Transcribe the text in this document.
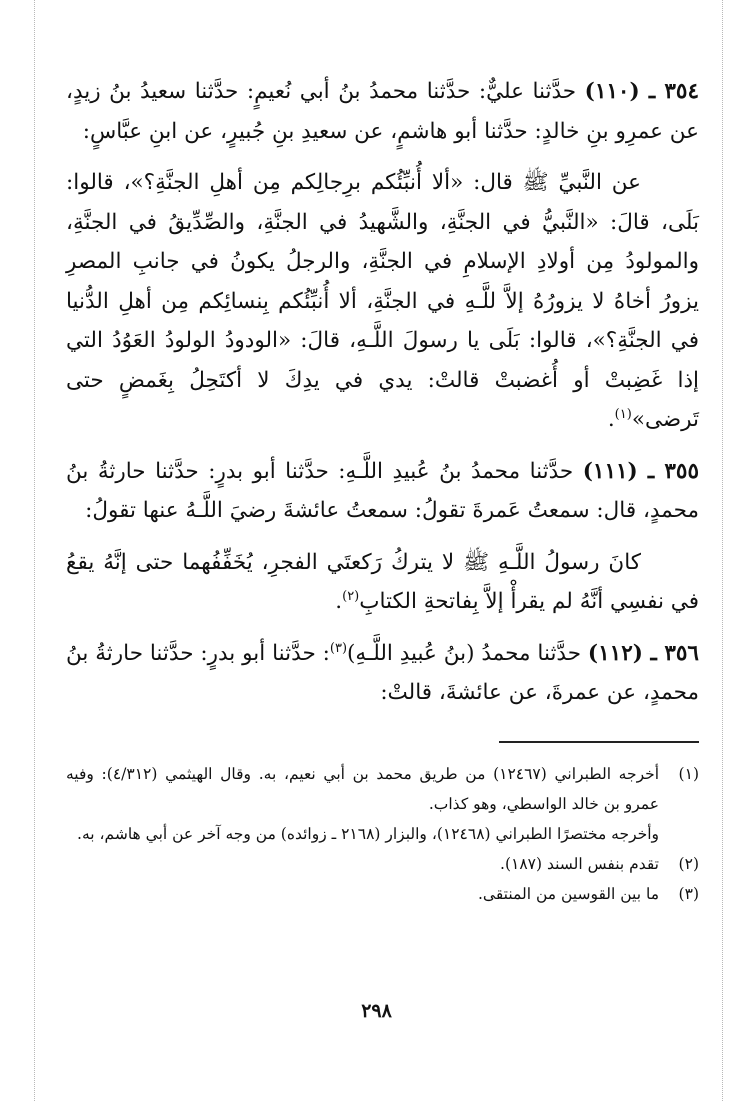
٣٥٤ ـ (١١٠) حدَّثنا عليٌّ: حدَّثنا محمدُ بنُ أبي نُعيمٍ: حدَّثنا سعيدُ بنُ زيدٍ، عن عمرِو بنِ خالدٍ: حدَّثنا أبو هاشمٍ، عن سعيدِ بنِ جُبيرٍ، عن ابنِ عبَّاسٍ:

عن النَّبيِّ ﷺ قال: «ألا أُنبِّئُكم برِجالِكم مِن أهلِ الجنَّةِ؟»، قالوا: بَلَى، قالَ: «النَّبيُّ في الجنَّةِ، والشَّهيدُ في الجنَّةِ، والصِّدِّيقُ في الجنَّةِ، والمولودُ مِن أولادِ الإسلامِ في الجنَّةِ، والرجلُ يكونُ في جانبِ المصرِ يزورُ أخاهُ لا يزورُهُ إلاَّ للَّـهِ في الجنَّةِ، ألا أُنبِّئُكم بِنسائِكم مِن أهلِ الدُّنيا في الجنَّةِ؟»، قالوا: بَلَى يا رسولَ اللَّـهِ، قالَ: «الودودُ الولودُ العَوُدُ التي إذا غَضِبتْ أو أُغضبتْ قالتْ: يدي في يدِكَ لا أكتَحِلُ بِغَمضٍ حتى تَرضى»$^{(١)}$.

٣٥٥ ـ (١١١) حدَّثنا محمدُ بنُ عُبيدِ اللَّـهِ: حدَّثنا أبو بدرٍ: حدَّثنا حارثةُ بنُ محمدٍ، قال: سمعتُ عَمرةَ تقولُ: سمعتُ عائشةَ رضيَ اللَّـهُ عنها تقولُ:

كانَ رسولُ اللَّـهِ ﷺ لا يتركُ رَكعتَي الفجرِ، يُخَفِّفُهما حتى إنَّهُ يقعُ في نفسِي أنَّهُ لم يقرأْ إلاَّ بِفاتحةِ الكتابِ$^{(٢)}$.

٣٥٦ ـ (١١٢) حدَّثنا محمدُ (بنُ عُبيدِ اللَّـهِ)$^{(٣)}$: حدَّثنا أبو بدرٍ: حدَّثنا حارثةُ بنُ محمدٍ، عن عمرةَ، عن عائشةَ، قالتْ:

(١)
أخرجه الطبراني (١٢٤٦٧) من طريق محمد بن أبي نعيم، به. وقال الهيثمي (٤/٣١٢): وفيه عمرو بن خالد الواسطي، وهو كذاب.
وأخرجه مختصرًا الطبراني (١٢٤٦٨)، والبزار (٢١٦٨ ـ زوائده) من وجه آخر عن أبي هاشم، به.
(٢)
تقدم بنفس السند (١٨٧).
(٣)
ما بين القوسين من المنتقى.
٢٩٨
